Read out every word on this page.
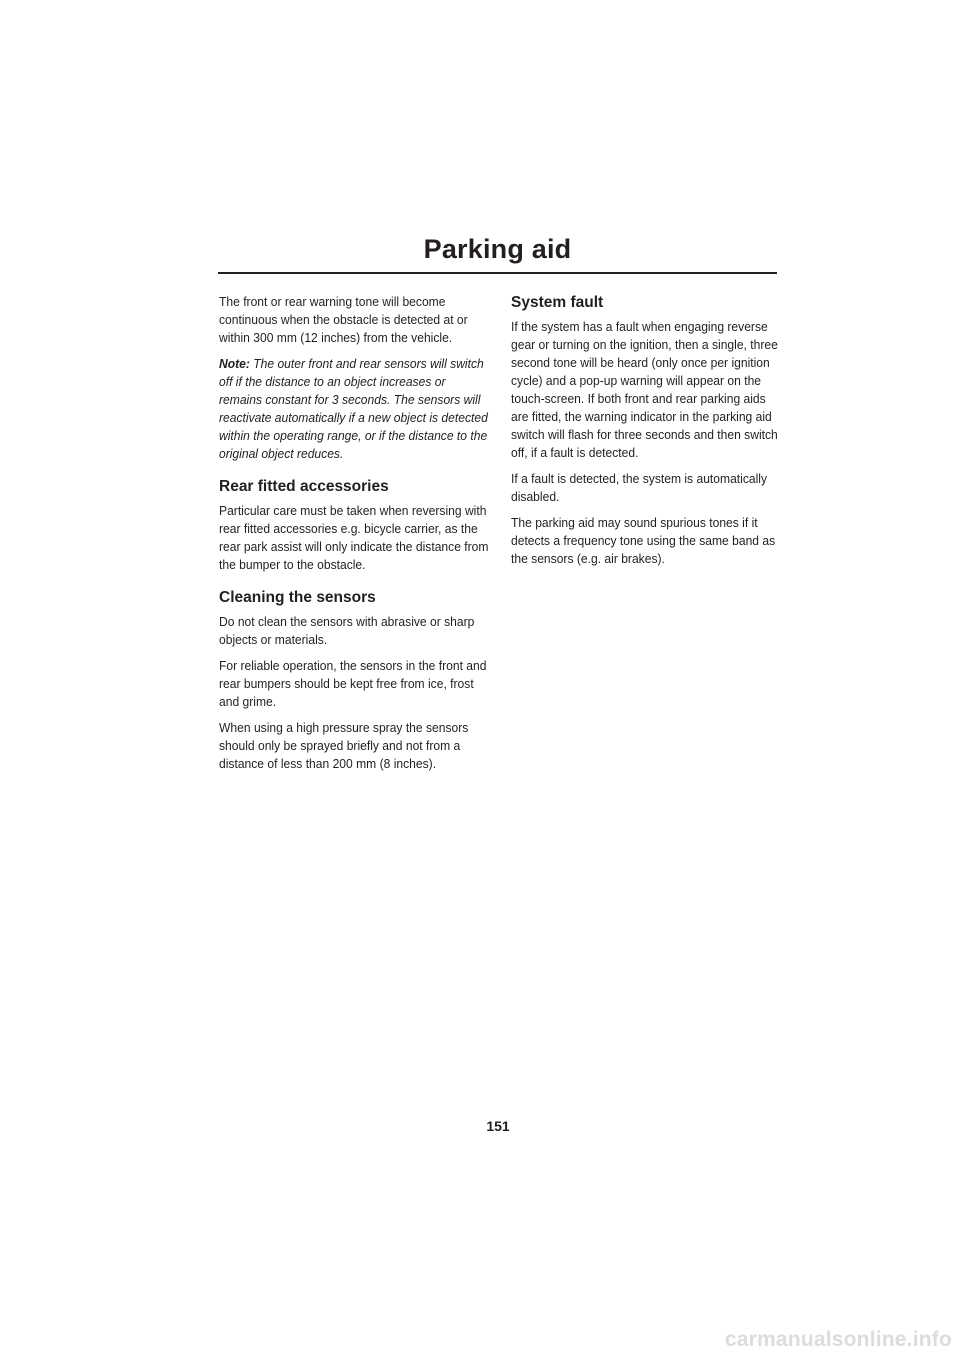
Parking aid

The front or rear warning tone will become continuous when the obstacle is detected at or within 300 mm (12 inches) from the vehicle.

Note: The outer front and rear sensors will switch off if the distance to an object increases or remains constant for 3 seconds. The sensors will reactivate automatically if a new object is detected within the operating range, or if the distance to the original object reduces.

Rear fitted accessories

Particular care must be taken when reversing with rear fitted accessories e.g. bicycle carrier, as the rear park assist will only indicate the distance from the bumper to the obstacle.

Cleaning the sensors

Do not clean the sensors with abrasive or sharp objects or materials.

For reliable operation, the sensors in the front and rear bumpers should be kept free from ice, frost and grime.

When using a high pressure spray the sensors should only be sprayed briefly and not from a distance of less than 200 mm (8 inches).

System fault

If the system has a fault when engaging reverse gear or turning on the ignition, then a single, three second tone will be heard (only once per ignition cycle) and a pop-up warning will appear on the touch-screen. If both front and rear parking aids are fitted, the warning indicator in the parking aid switch will flash for three seconds and then switch off, if a fault is detected.

If a fault is detected, the system is automatically disabled.

The parking aid may sound spurious tones if it detects a frequency tone using the same band as the sensors (e.g. air brakes).

151

carmanualsonline.info
